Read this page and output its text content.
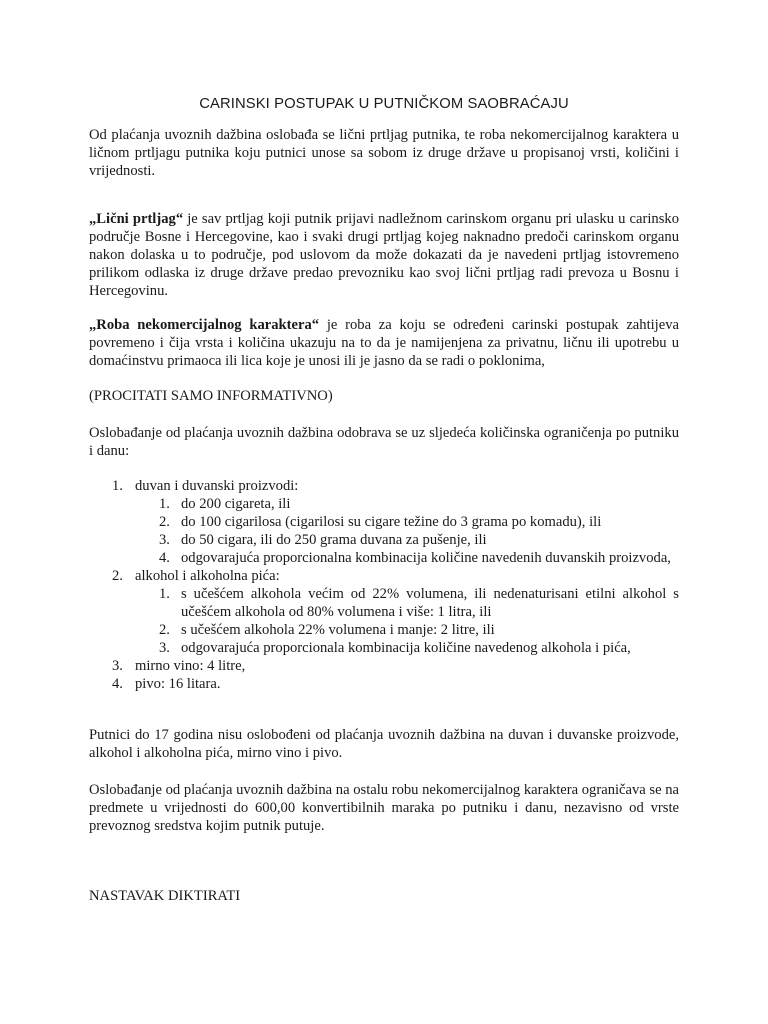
CARINSKI POSTUPAK U PUTNIČKOM SAOBRAĆAJU
Od plaćanja uvoznih dažbina oslobađa se lični prtljag putnika, te roba nekomercijalnog karaktera u ličnom prtljagu putnika koju putnici unose sa sobom iz druge države u propisanoj vrsti, količini i vrijednosti.
„Lični prtljag“ je sav prtljag koji putnik prijavi nadležnom carinskom organu pri ulasku u carinsko područje Bosne i Hercegovine, kao i svaki drugi prtljag kojeg naknadno predoči carinskom organu nakon dolaska u to područje, pod uslovom da može dokazati da je navedeni prtljag istovremeno prilikom odlaska iz druge države predao prevozniku kao svoj lični prtljag radi prevoza u Bosnu i Hercegovinu.
„Roba nekomercijalnog karaktera“ je roba za koju se određeni carinski postupak zahtijeva povremeno i čija vrsta i količina ukazuju na to da je namijenjena za privatnu, ličnu ili upotrebu u domaćinstvu primaoca ili lica koje je unosi ili je jasno da se radi o poklonima,
(PROCITATI SAMO INFORMATIVNO)
Oslobađanje od plaćanja uvoznih dažbina odobrava se uz sljedeća količinska ograničenja po putniku i danu:
1. duvan i duvanski proizvodi:
1. do 200 cigareta, ili
2. do 100 cigarilosa (cigarilosi su cigare težine do 3 grama po komadu), ili
3. do 50 cigara, ili do 250 grama duvana za pušenje, ili
4. odgovarajuća proporcionalna kombinacija količine navedenih duvanskih proizvoda,
2. alkohol i alkoholna pića:
1. s učešćem alkohola većim od 22% volumena, ili nedenaturisani etilni alkohol s učešćem alkohola od 80% volumena i više: 1 litra, ili
2. s učešćem alkohola 22% volumena i manje: 2 litre, ili
3. odgovarajuća proporcionala kombinacija količine navedenog alkohola i pića,
3. mirno vino: 4 litre,
4. pivo: 16 litara.
Putnici do 17 godina nisu oslobođeni od plaćanja uvoznih dažbina na duvan i duvanske proizvode, alkohol i alkoholna pića, mirno vino i pivo.
Oslobađanje od plaćanja uvoznih dažbina na ostalu robu nekomercijalnog karaktera ograničava se na predmete u vrijednosti do 600,00 konvertibilnih maraka po putniku i danu, nezavisno od vrste prevoznog sredstva kojim putnik putuje.
NASTAVAK DIKTIRATI
